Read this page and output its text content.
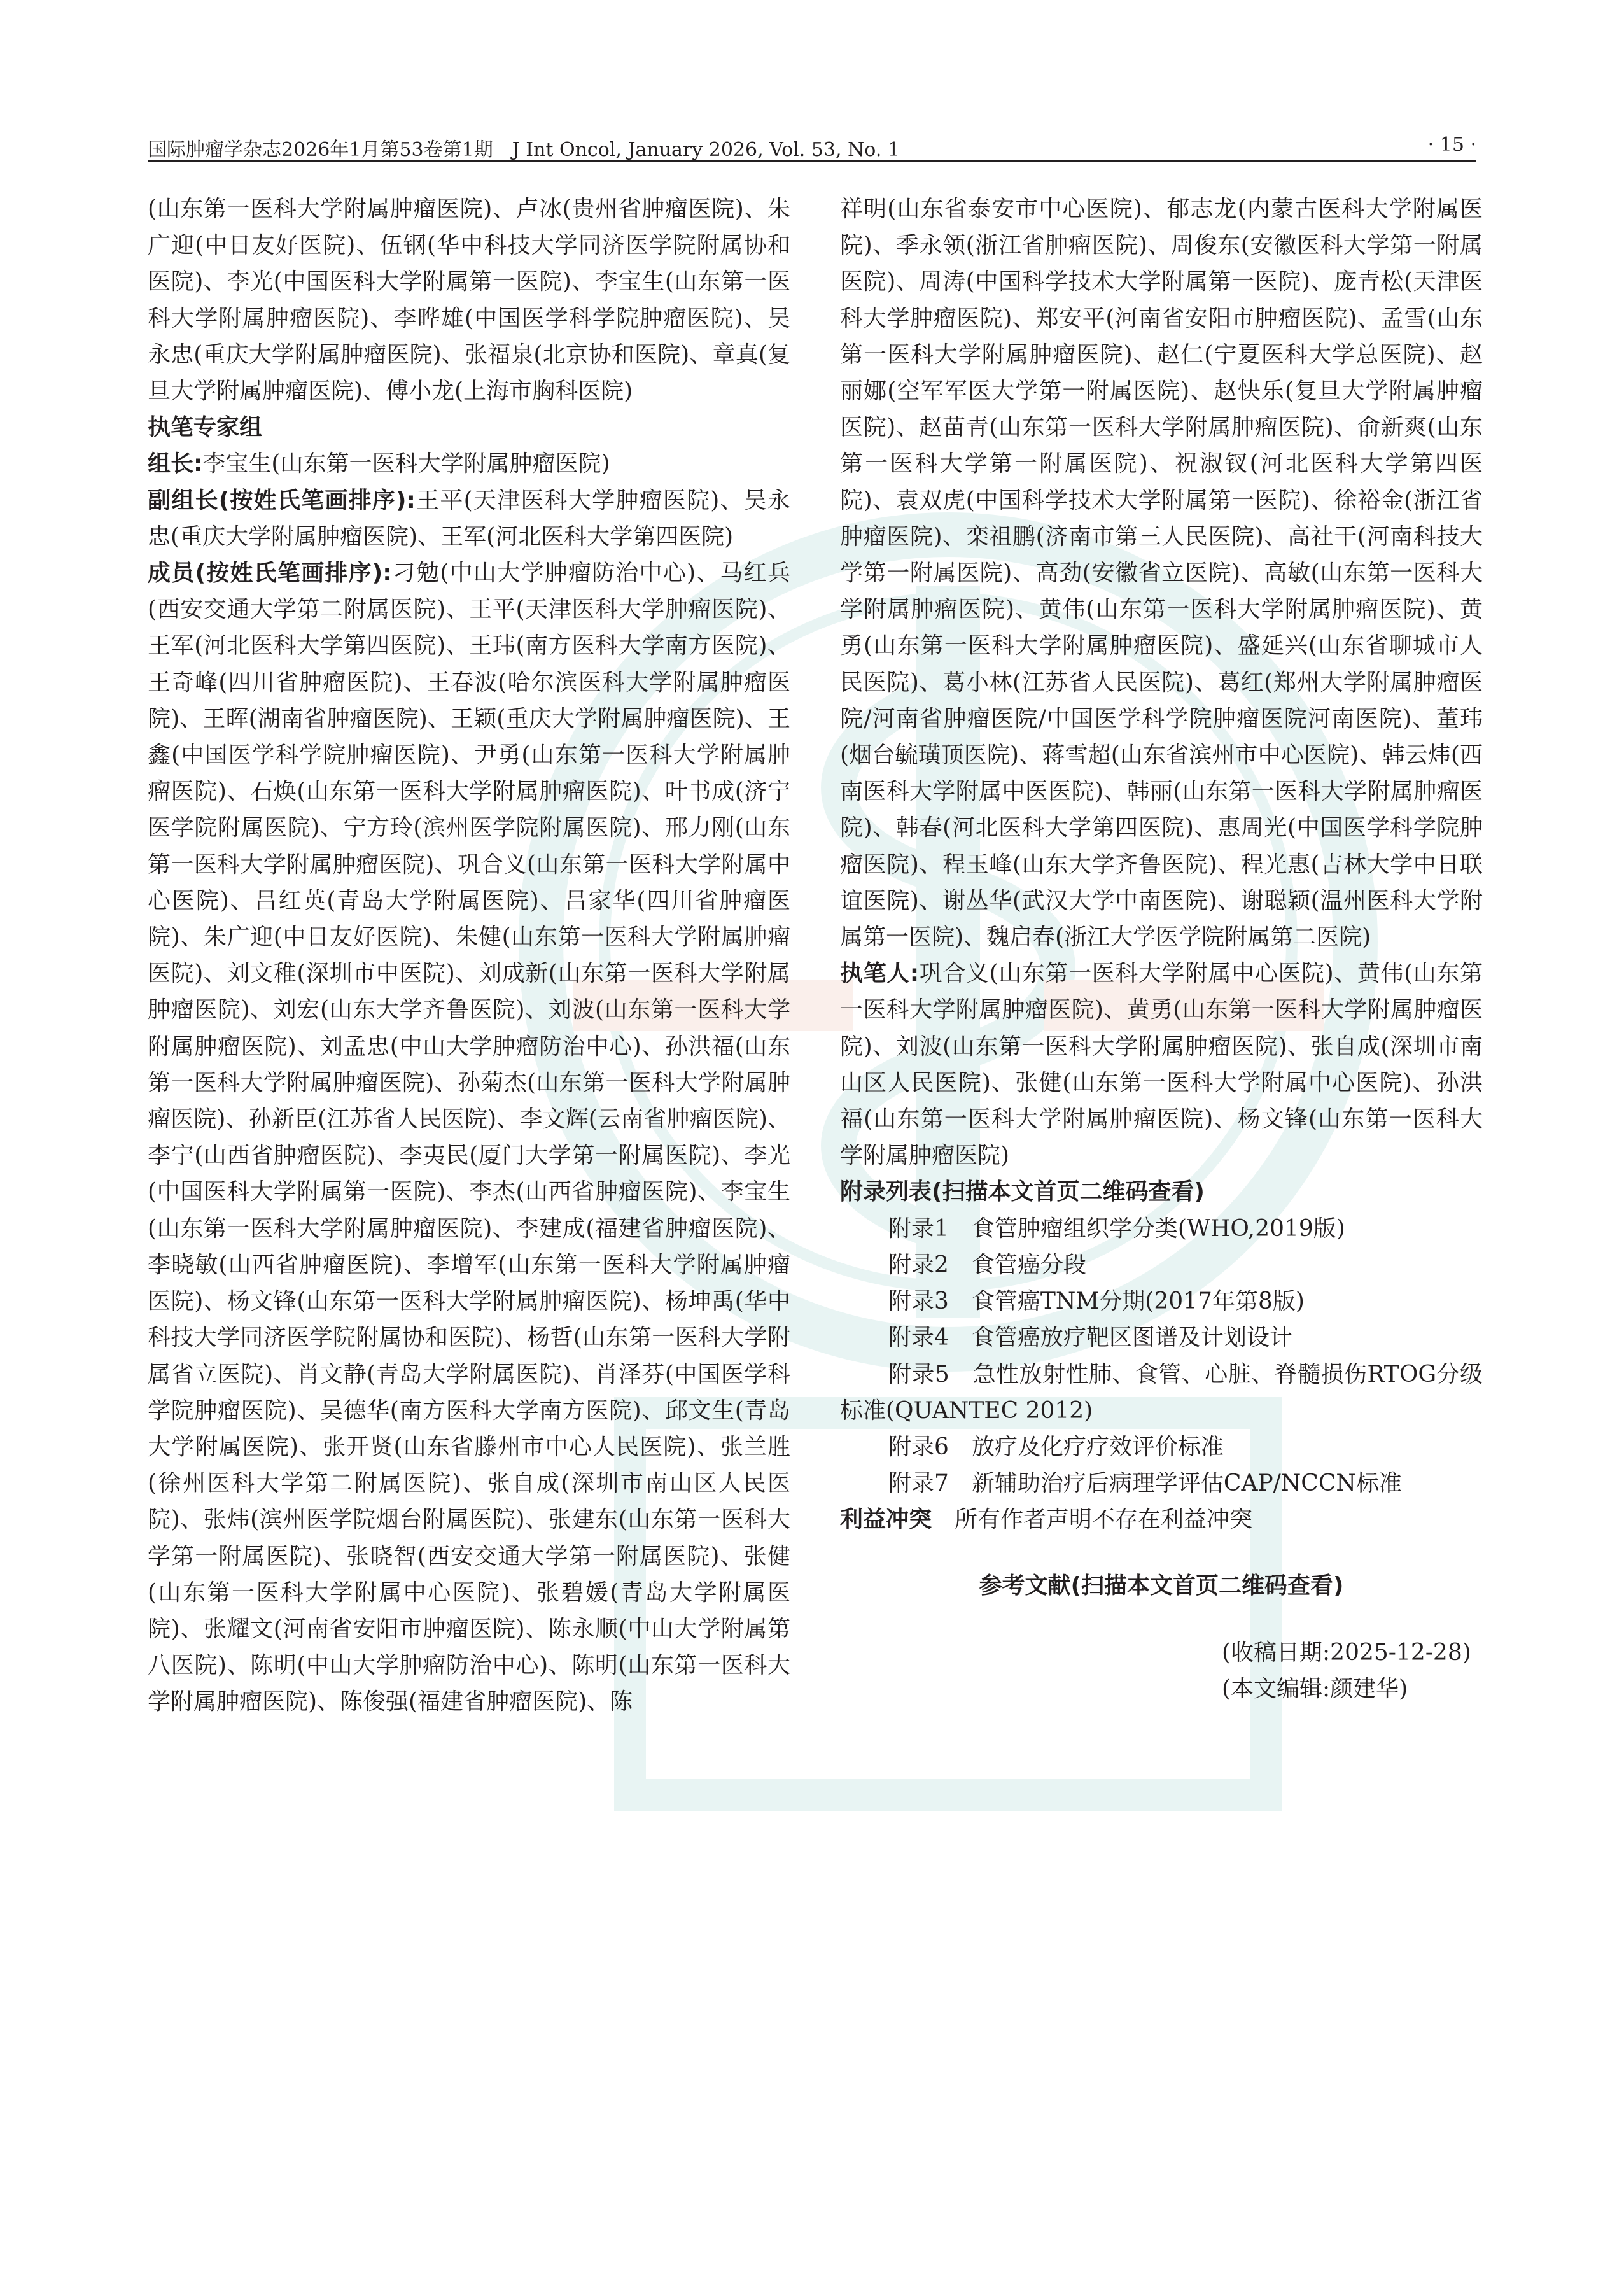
国际肿瘤学杂志2026年1月第53卷第1期　J Int Oncol, January 2026, Vol. 53, No. 1	· 15 ·

(山东第一医科大学附属肿瘤医院)、卢冰(贵州省肿瘤医院)、朱广迎(中日友好医院)、伍钢(华中科技大学同济医学院附属协和医院)、李光(中国医科大学附属第一医院)、李宝生(山东第一医科大学附属肿瘤医院)、李晔雄(中国医学科学院肿瘤医院)、吴永忠(重庆大学附属肿瘤医院)、张福泉(北京协和医院)、章真(复旦大学附属肿瘤医院)、傅小龙(上海市胸科医院)

执笔专家组

组长:李宝生(山东第一医科大学附属肿瘤医院)

副组长(按姓氏笔画排序):王平(天津医科大学肿瘤医院)、吴永忠(重庆大学附属肿瘤医院)、王军(河北医科大学第四医院)

成员(按姓氏笔画排序):刁勉(中山大学肿瘤防治中心)、马红兵(西安交通大学第二附属医院)、王平(天津医科大学肿瘤医院)、王军(河北医科大学第四医院)、王玮(南方医科大学南方医院)、王奇峰(四川省肿瘤医院)、王春波(哈尔滨医科大学附属肿瘤医院)、王晖(湖南省肿瘤医院)、王颖(重庆大学附属肿瘤医院)、王鑫(中国医学科学院肿瘤医院)、尹勇(山东第一医科大学附属肿瘤医院)、石焕(山东第一医科大学附属肿瘤医院)、叶书成(济宁医学院附属医院)、宁方玲(滨州医学院附属医院)、邢力刚(山东第一医科大学附属肿瘤医院)、巩合义(山东第一医科大学附属中心医院)、吕红英(青岛大学附属医院)、吕家华(四川省肿瘤医院)、朱广迎(中日友好医院)、朱健(山东第一医科大学附属肿瘤医院)、刘文稚(深圳市中医院)、刘成新(山东第一医科大学附属肿瘤医院)、刘宏(山东大学齐鲁医院)、刘波(山东第一医科大学附属肿瘤医院)、刘孟忠(中山大学肿瘤防治中心)、孙洪福(山东第一医科大学附属肿瘤医院)、孙菊杰(山东第一医科大学附属肿瘤医院)、孙新臣(江苏省人民医院)、李文辉(云南省肿瘤医院)、李宁(山西省肿瘤医院)、李夷民(厦门大学第一附属医院)、李光(中国医科大学附属第一医院)、李杰(山西省肿瘤医院)、李宝生(山东第一医科大学附属肿瘤医院)、李建成(福建省肿瘤医院)、李晓敏(山西省肿瘤医院)、李增军(山东第一医科大学附属肿瘤医院)、杨文锋(山东第一医科大学附属肿瘤医院)、杨坤禹(华中科技大学同济医学院附属协和医院)、杨哲(山东第一医科大学附属省立医院)、肖文静(青岛大学附属医院)、肖泽芬(中国医学科学院肿瘤医院)、吴德华(南方医科大学南方医院)、邱文生(青岛大学附属医院)、张开贤(山东省滕州市中心人民医院)、张兰胜(徐州医科大学第二附属医院)、张自成(深圳市南山区人民医院)、张炜(滨州医学院烟台附属医院)、张建东(山东第一医科大学第一附属医院)、张晓智(西安交通大学第一附属医院)、张健(山东第一医科大学附属中心医院)、张碧媛(青岛大学附属医院)、张耀文(河南省安阳市肿瘤医院)、陈永顺(中山大学附属第八医院)、陈明(中山大学肿瘤防治中心)、陈明(山东第一医科大学附属肿瘤医院)、陈俊强(福建省肿瘤医院)、陈

祥明(山东省泰安市中心医院)、郁志龙(内蒙古医科大学附属医院)、季永领(浙江省肿瘤医院)、周俊东(安徽医科大学第一附属医院)、周涛(中国科学技术大学附属第一医院)、庞青松(天津医科大学肿瘤医院)、郑安平(河南省安阳市肿瘤医院)、孟雪(山东第一医科大学附属肿瘤医院)、赵仁(宁夏医科大学总医院)、赵丽娜(空军军医大学第一附属医院)、赵快乐(复旦大学附属肿瘤医院)、赵苗青(山东第一医科大学附属肿瘤医院)、俞新爽(山东第一医科大学第一附属医院)、祝淑钗(河北医科大学第四医院)、袁双虎(中国科学技术大学附属第一医院)、徐裕金(浙江省肿瘤医院)、栾祖鹏(济南市第三人民医院)、高社干(河南科技大学第一附属医院)、高劲(安徽省立医院)、高敏(山东第一医科大学附属肿瘤医院)、黄伟(山东第一医科大学附属肿瘤医院)、黄勇(山东第一医科大学附属肿瘤医院)、盛延兴(山东省聊城市人民医院)、葛小林(江苏省人民医院)、葛红(郑州大学附属肿瘤医院/河南省肿瘤医院/中国医学科学院肿瘤医院河南医院)、董玮(烟台毓璜顶医院)、蒋雪超(山东省滨州市中心医院)、韩云炜(西南医科大学附属中医医院)、韩丽(山东第一医科大学附属肿瘤医院)、韩春(河北医科大学第四医院)、惠周光(中国医学科学院肿瘤医院)、程玉峰(山东大学齐鲁医院)、程光惠(吉林大学中日联谊医院)、谢丛华(武汉大学中南医院)、谢聪颖(温州医科大学附属第一医院)、魏启春(浙江大学医学院附属第二医院)

执笔人:巩合义(山东第一医科大学附属中心医院)、黄伟(山东第一医科大学附属肿瘤医院)、黄勇(山东第一医科大学附属肿瘤医院)、刘波(山东第一医科大学附属肿瘤医院)、张自成(深圳市南山区人民医院)、张健(山东第一医科大学附属中心医院)、孙洪福(山东第一医科大学附属肿瘤医院)、杨文锋(山东第一医科大学附属肿瘤医院)

附录列表(扫描本文首页二维码查看)

附录1　食管肿瘤组织学分类(WHO,2019版)

附录2　食管癌分段

附录3　食管癌TNM分期(2017年第8版)

附录4　食管癌放疗靶区图谱及计划设计

附录5　急性放射性肺、食管、心脏、脊髓损伤RTOG分级标准(QUANTEC 2012)

附录6　放疗及化疗疗效评价标准

附录7　新辅助治疗后病理学评估CAP/NCCN标准

利益冲突　 所有作者声明不存在利益冲突

参考文献(扫描本文首页二维码查看)

(收稿日期:2025-12-28)

(本文编辑:颜建华)
